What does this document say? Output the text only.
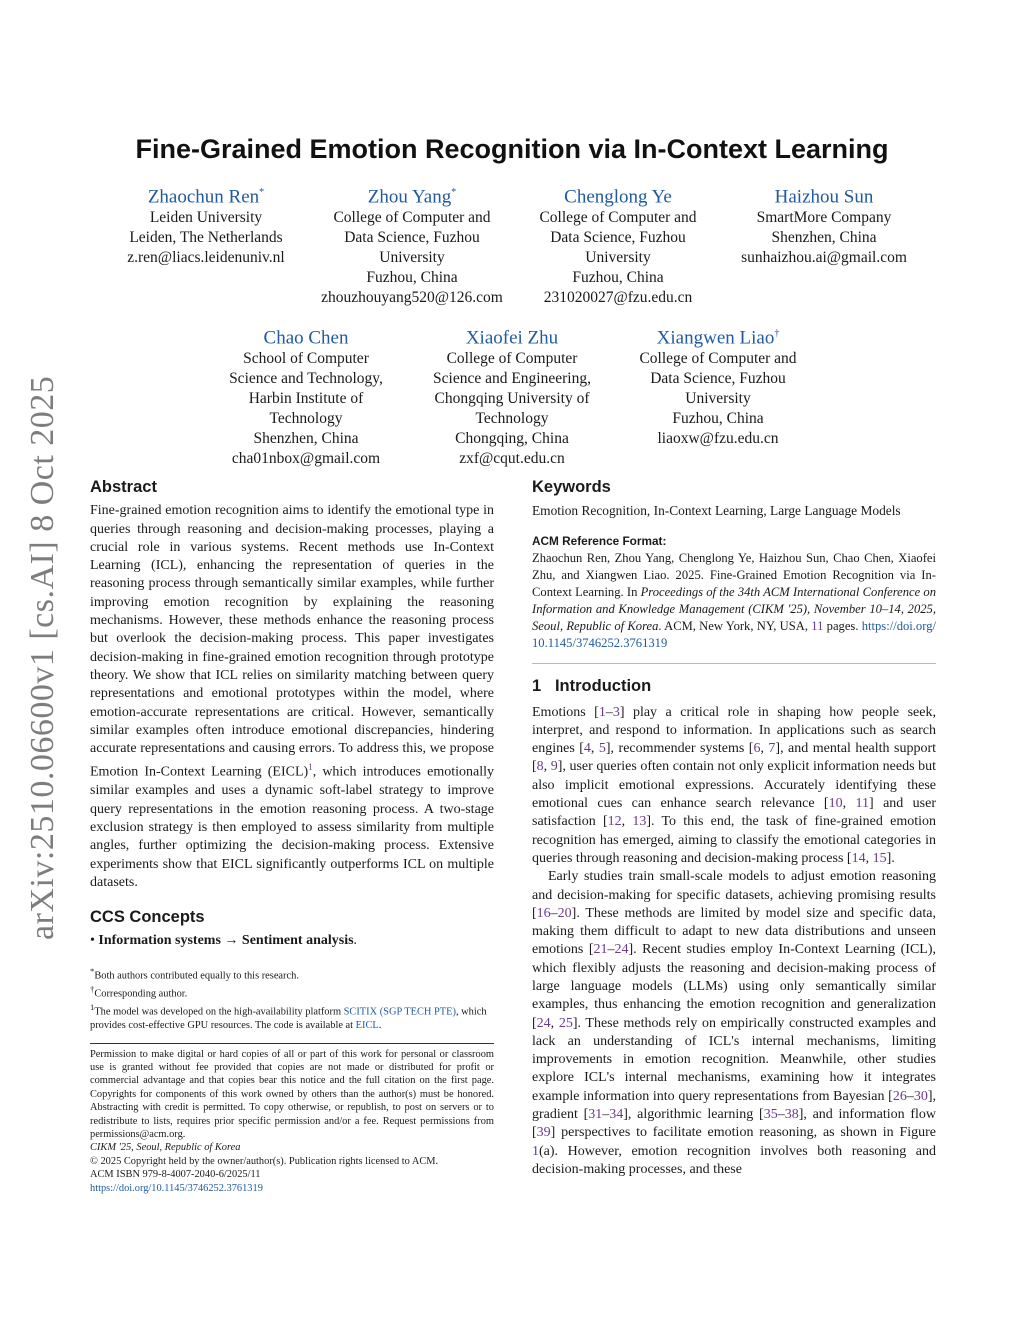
arXiv:2510.06600v1 [cs.AI] 8 Oct 2025
Fine-Grained Emotion Recognition via In-Context Learning
Zhaochun Ren*
Leiden University
Leiden, The Netherlands
z.ren@liacs.leidenuniv.nl
Zhou Yang*
College of Computer and
Data Science, Fuzhou
University
Fuzhou, China
zhouzhouyang520@126.com
Chenglong Ye
College of Computer and
Data Science, Fuzhou
University
Fuzhou, China
231020027@fzu.edu.cn
Haizhou Sun
SmartMore Company
Shenzhen, China
sunhaizhou.ai@gmail.com
Chao Chen
School of Computer
Science and Technology,
Harbin Institute of
Technology
Shenzhen, China
cha01nbox@gmail.com
Xiaofei Zhu
College of Computer
Science and Engineering,
Chongqing University of
Technology
Chongqing, China
zxf@cqut.edu.cn
Xiangwen Liao†
College of Computer and
Data Science, Fuzhou
University
Fuzhou, China
liaoxw@fzu.edu.cn
Abstract

Fine-grained emotion recognition aims to identify the emotional type in queries through reasoning and decision-making processes, playing a crucial role in various systems. Recent methods use In-Context Learning (ICL), enhancing the representation of queries in the reasoning process through semantically similar examples, while further improving emotion recognition by explaining the reasoning mechanisms. However, these methods enhance the reasoning process but overlook the decision-making process. This paper investigates decision-making in fine-grained emotion recognition through prototype theory. We show that ICL relies on similarity matching between query representations and emotional prototypes within the model, where emotion-accurate representations are critical. However, semantically similar examples often introduce emotional discrepancies, hindering accurate representations and causing errors. To address this, we propose Emotion In-Context Learning (EICL)$^1$, which introduces emotionally similar examples and uses a dynamic soft-label strategy to improve query representations in the emotion reasoning process. A two-stage exclusion strategy is then employed to assess similarity from multiple angles, further optimizing the decision-making process. Extensive experiments show that EICL significantly outperforms ICL on multiple datasets.

CCS Concepts

• Information systems → Sentiment analysis.

*Both authors contributed equally to this research.
†Corresponding author.
$^1$The model was developed on the high-availability platform SCITIX (SGP TECH PTE), which provides cost-effective GPU resources. The code is available at EICL.
Permission to make digital or hard copies of all or part of this work for personal or classroom use is granted without fee provided that copies are not made or distributed for profit or commercial advantage and that copies bear this notice and the full citation on the first page. Copyrights for components of this work owned by others than the author(s) must be honored. Abstracting with credit is permitted. To copy otherwise, or republish, to post on servers or to redistribute to lists, requires prior specific permission and/or a fee. Request permissions from permissions@acm.org.
CIKM '25, Seoul, Republic of Korea
© 2025 Copyright held by the owner/author(s). Publication rights licensed to ACM.
ACM ISBN 979-8-4007-2040-6/2025/11
https://doi.org/10.1145/3746252.3761319
Keywords

Emotion Recognition, In-Context Learning, Large Language Models

ACM Reference Format:
Zhaochun Ren, Zhou Yang, Chenglong Ye, Haizhou Sun, Chao Chen, Xiaofei Zhu, and Xiangwen Liao. 2025. Fine-Grained Emotion Recognition via In-Context Learning. In Proceedings of the 34th ACM International Conference on Information and Knowledge Management (CIKM '25), November 10–14, 2025, Seoul, Republic of Korea. ACM, New York, NY, USA, 11 pages. https://doi.org/10.1145/3746252.3761319
1 Introduction

Emotions [1–3] play a critical role in shaping how people seek, interpret, and respond to information. In applications such as search engines [4, 5], recommender systems [6, 7], and mental health support [8, 9], user queries often contain not only explicit information needs but also implicit emotional expressions. Accurately identifying these emotional cues can enhance search relevance [10, 11] and user satisfaction [12, 13]. To this end, the task of fine-grained emotion recognition has emerged, aiming to classify the emotional categories in queries through reasoning and decision-making process [14, 15].

Early studies train small-scale models to adjust emotion reasoning and decision-making for specific datasets, achieving promising results [16–20]. These methods are limited by model size and specific data, making them difficult to adapt to new data distributions and unseen emotions [21–24]. Recent studies employ In-Context Learning (ICL), which flexibly adjusts the reasoning and decision-making process of large language models (LLMs) using only semantically similar examples, thus enhancing the emotion recognition and generalization [24, 25]. These methods rely on empirically constructed examples and lack an understanding of ICL's internal mechanisms, limiting improvements in emotion recognition. Meanwhile, other studies explore ICL's internal mechanisms, examining how it integrates example information into query representations from Bayesian [26–30], gradient [31–34], algorithmic learning [35–38], and information flow [39] perspectives to facilitate emotion reasoning, as shown in Figure 1(a). However, emotion recognition involves both reasoning and decision-making processes, and these
